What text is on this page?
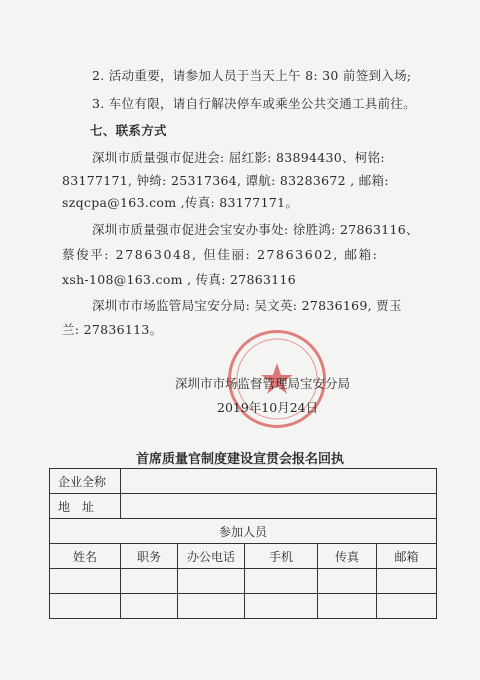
2. 活动重要，请参加人员于当天上午 8: 30 前签到入场;
3. 车位有限，请自行解决停车或乘坐公共交通工具前往。
七、联系方式
深圳市质量强市促进会: 屈红影: 83894430、柯铭:
83177171, 钟绮: 25317364, 谭航: 83283672 , 邮箱:
szqcpa@163.com ,传真: 83177171。
深圳市质量强市促进会宝安办事处: 徐胜鸿: 27863116、
蔡俊平: 27863048, 但佳丽: 27863602, 邮箱:
xsh-108@163.com , 传真: 27863116
深圳市市场监管局宝安分局: 吴文英: 27836169, 贾玉
兰: 27836113。
深圳市市场监督管理局宝安分局
2019年10月24日
首席质量官制度建设宣贯会报名回执
企业全称					
地　址					
参加人员					
姓名	职务	办公电话	手机	传真	邮箱
